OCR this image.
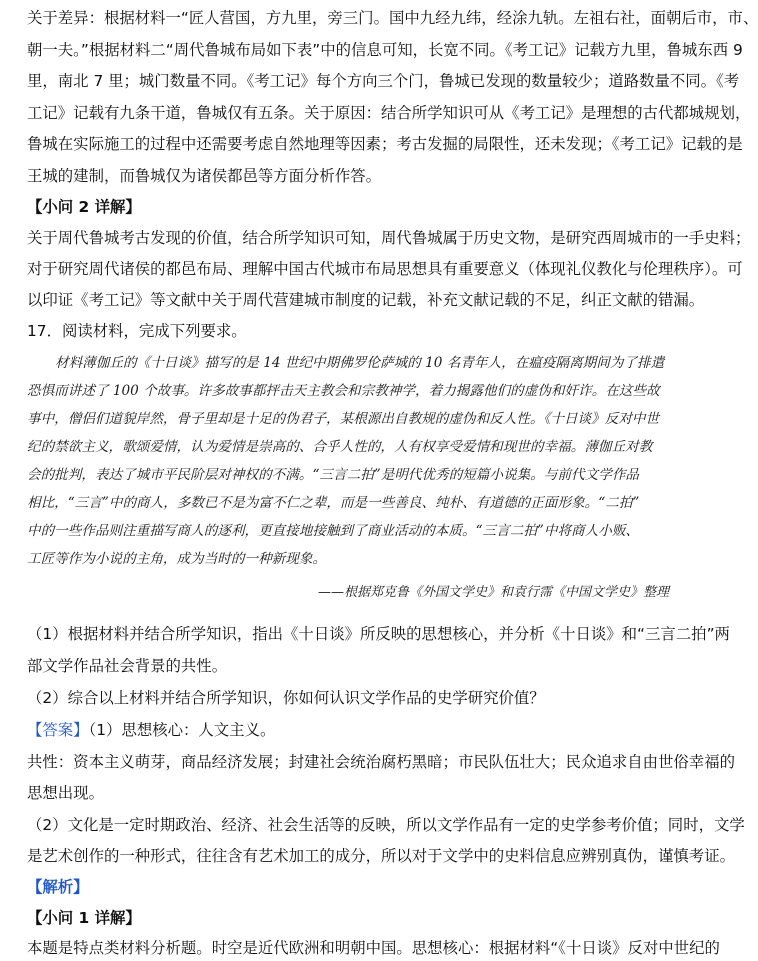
关于差异：根据材料一“匠人营国，方九里，旁三门。国中九经九纬，经涂九轨。左祖右社，面朝后市，市、
朝一夫。”根据材料二“周代鲁城布局如下表”中的信息可知，长宽不同。《考工记》记载方九里，鲁城东西 9
里，南北 7 里；城门数量不同。《考工记》每个方向三个门，鲁城已发现的数量较少；道路数量不同。《考
工记》记载有九条干道，鲁城仅有五条。关于原因：结合所学知识可从《考工记》是理想的古代都城规划，
鲁城在实际施工的过程中还需要考虑自然地理等因素；考古发掘的局限性，还未发现；《考工记》记载的是
王城的建制，而鲁城仅为诸侯都邑等方面分析作答。
【小问 2 详解】
关于周代鲁城考古发现的价值，结合所学知识可知，周代鲁城属于历史文物，是研究西周城市的一手史料；
对于研究周代诸侯的都邑布局、理解中国古代城市布局思想具有重要意义（体现礼仪教化与伦理秩序）。可
以印证《考工记》等文献中关于周代营建城市制度的记载，补充文献记载的不足，纠正文献的错漏。
17．阅读材料，完成下列要求。
材料薄伽丘的《十日谈》描写的是 14 世纪中期佛罗伦萨城的 10 名青年人，在瘟疫隔离期间为了排遣
恐惧而讲述了 100 个故事。许多故事都抨击天主教会和宗教神学，着力揭露他们的虚伪和奸诈。在这些故
事中，僧侣们道貌岸然，骨子里却是十足的伪君子，某根源出自教规的虚伪和反人性。《十日谈》反对中世
纪的禁欲主义，歌颂爱情，认为爱情是崇高的、合乎人性的，人有权享受爱情和现世的幸福。薄伽丘对教
会的批判，表达了城市平民阶层对神权的不满。“三言二拍”是明代优秀的短篇小说集。与前代文学作品
相比，“三言”中的商人，多数已不是为富不仁之辈，而是一些善良、纯朴、有道德的正面形象。“二拍”
中的一些作品则注重描写商人的逐利，更直接地接触到了商业活动的本质。“三言二拍”中将商人小贩、
工匠等作为小说的主角，成为当时的一种新现象。
——根据郑克鲁《外国文学史》和袁行霈《中国文学史》整理
（1）根据材料并结合所学知识，指出《十日谈》所反映的思想核心，并分析《十日谈》和“三言二拍”两
部文学作品社会背景的共性。
（2）综合以上材料并结合所学知识，你如何认识文学作品的史学研究价值？
【答案】（1）思想核心：人文主义。
共性：资本主义萌芽，商品经济发展；封建社会统治腐朽黑暗；市民队伍壮大；民众追求自由世俗幸福的
思想出现。
（2）文化是一定时期政治、经济、社会生活等的反映，所以文学作品有一定的史学参考价值；同时，文学
是艺术创作的一种形式，往往含有艺术加工的成分，所以对于文学中的史料信息应辨别真伪，谨慎考证。
【解析】
【小问 1 详解】
本题是特点类材料分析题。时空是近代欧洲和明朝中国。思想核心：根据材料“《十日谈》反对中世纪的
